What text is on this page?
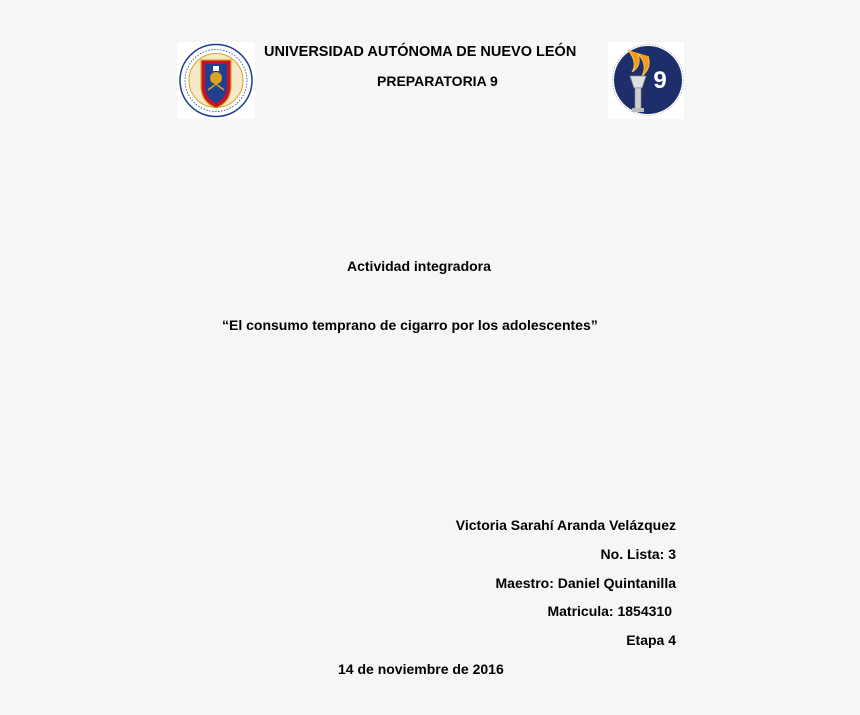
9
UNIVERSIDAD AUTÓNOMA DE NUEVO LEÓN
PREPARATORIA 9
Actividad integradora
“El consumo temprano de cigarro por los adolescentes”
Victoria Sarahí Aranda Velázquez
No. Lista: 3
Maestro: Daniel Quintanilla
Matricula: 1854310
Etapa 4
14 de noviembre de 2016
